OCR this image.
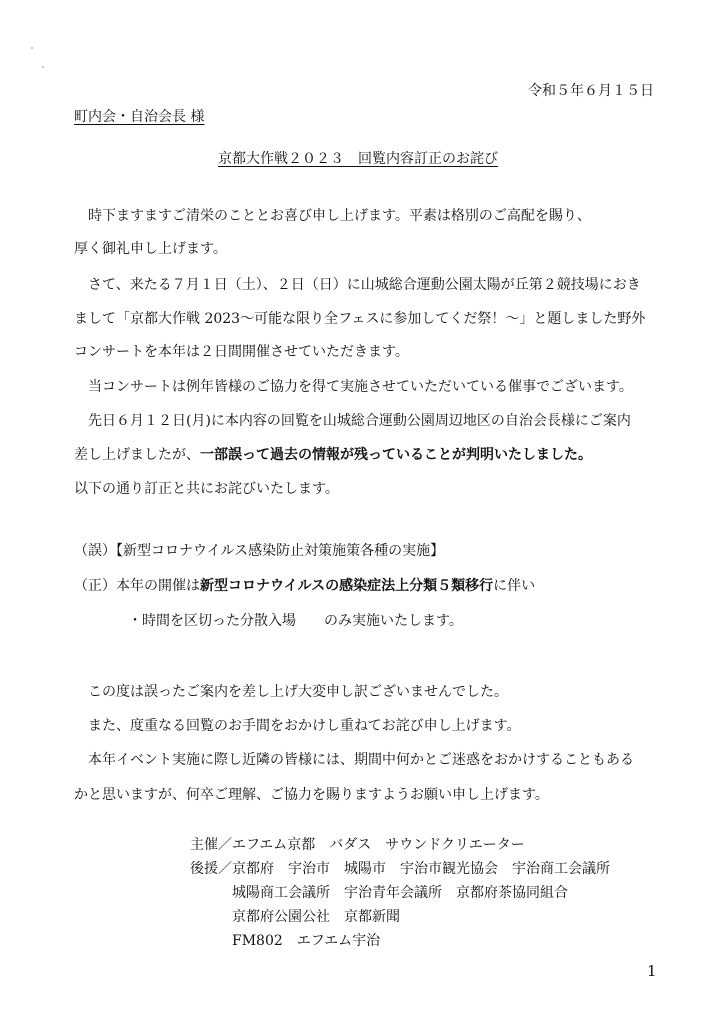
令和５年６月１５日
町内会・自治会長 様
京都大作戦２０２３　回覧内容訂正のお詫び
時下ますますご清栄のこととお喜び申し上げます。平素は格別のご高配を賜り、
厚く御礼申し上げます。
さて、来たる７月１日（土）、２日（日）に山城総合運動公園太陽が丘第２競技場におき
まして「京都大作戦 2023～可能な限り全フェスに参加してくだ祭！～」と題しました野外
コンサートを本年は２日間開催させていただきます。
当コンサートは例年皆様のご協力を得て実施させていただいている催事でございます。
先日６月１２日(月)に本内容の回覧を山城総合運動公園周辺地区の自治会長様にご案内
差し上げましたが、一部誤って過去の情報が残っていることが判明いたしました。
以下の通り訂正と共にお詫びいたします。
（誤）【新型コロナウイルス感染防止対策施策各種の実施】
（正）本年の開催は新型コロナウイルスの感染症法上分類５類移行に伴い
・時間を区切った分散入場　　のみ実施いたします。
この度は誤ったご案内を差し上げ大変申し訳ございませんでした。
また、度重なる回覧のお手間をおかけし重ねてお詫び申し上げます。
本年イベント実施に際し近隣の皆様には、期間中何かとご迷惑をおかけすることもある
かと思いますが、何卒ご理解、ご協力を賜りますようお願い申し上げます。
主催／エフエム京都　バダス　サウンドクリエーター
後援／京都府　宇治市　城陽市　宇治市観光協会　宇治商工会議所
城陽商工会議所　宇治青年会議所　京都府茶協同組合
京都府公園公社　京都新聞
FM802　エフエム宇治
1
